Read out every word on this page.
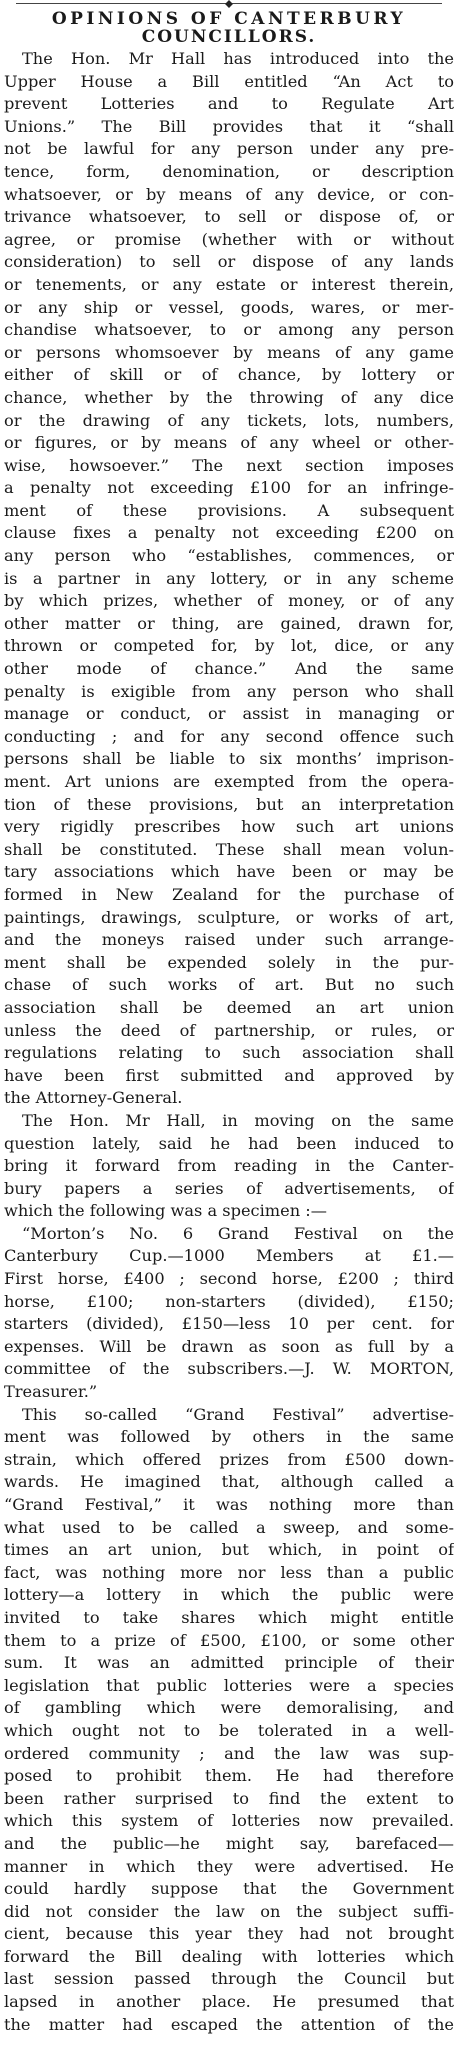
OPINIONS OF CANTERBURY
COUNCILLORS.
The Hon. Mr Hall has introduced into the
Upper House a Bill entitled “An Act to
prevent Lotteries and to Regulate Art
Unions.” The Bill provides that it “shall
not be lawful for any person under any pre-
tence, form, denomination, or description
whatsoever, or by means of any device, or con-
trivance whatsoever, to sell or dispose of, or
agree, or promise (whether with or without
consideration) to sell or dispose of any lands
or tenements, or any estate or interest therein,
or any ship or vessel, goods, wares, or mer-
chandise whatsoever, to or among any person
or persons whomsoever by means of any game
either of skill or of chance, by lottery or
chance, whether by the throwing of any dice
or the drawing of any tickets, lots, numbers,
or figures, or by means of any wheel or other-
wise, howsoever.” The next section imposes
a penalty not exceeding £100 for an infringe-
ment of these provisions. A subsequent
clause fixes a penalty not exceeding £200 on
any person who “establishes, commences, or
is a partner in any lottery, or in any scheme
by which prizes, whether of money, or of any
other matter or thing, are gained, drawn for,
thrown or competed for, by lot, dice, or any
other mode of chance.” And the same
penalty is exigible from any person who shall
manage or conduct, or assist in managing or
conducting ; and for any second offence such
persons shall be liable to six months’ imprison-
ment. Art unions are exempted from the opera-
tion of these provisions, but an interpretation
very rigidly prescribes how such art unions
shall be constituted. These shall mean volun-
tary associations which have been or may be
formed in New Zealand for the purchase of
paintings, drawings, sculpture, or works of art,
and the moneys raised under such arrange-
ment shall be expended solely in the pur-
chase of such works of art. But no such
association shall be deemed an art union
unless the deed of partnership, or rules, or
regulations relating to such association shall
have been first submitted and approved by
the Attorney-General.
The Hon. Mr Hall, in moving on the same
question lately, said he had been induced to
bring it forward from reading in the Canter-
bury papers a series of advertisements, of
which the following was a specimen :—
“Morton’s No. 6 Grand Festival on the
Canterbury Cup.—1000 Members at £1.—
First horse, £400 ; second horse, £200 ; third
horse, £100; non-starters (divided), £150;
starters (divided), £150—less 10 per cent. for
expenses. Will be drawn as soon as full by a
committee of the subscribers.—J. W. MORTON,
Treasurer.”
This so-called “Grand Festival” advertise-
ment was followed by others in the same
strain, which offered prizes from £500 down-
wards. He imagined that, although called a
“Grand Festival,” it was nothing more than
what used to be called a sweep, and some-
times an art union, but which, in point of
fact, was nothing more nor less than a public
lottery—a lottery in which the public were
invited to take shares which might entitle
them to a prize of £500, £100, or some other
sum. It was an admitted principle of their
legislation that public lotteries were a species
of gambling which were demoralising, and
which ought not to be tolerated in a well-
ordered community ; and the law was sup-
posed to prohibit them. He had therefore
been rather surprised to find the extent to
which this system of lotteries now prevailed.
and the public—he might say, barefaced—
manner in which they were advertised. He
could hardly suppose that the Government
did not consider the law on the subject suffi-
cient, because this year they had not brought
forward the Bill dealing with lotteries which
last session passed through the Council but
lapsed in another place. He presumed that
the matter had escaped the attention of the
